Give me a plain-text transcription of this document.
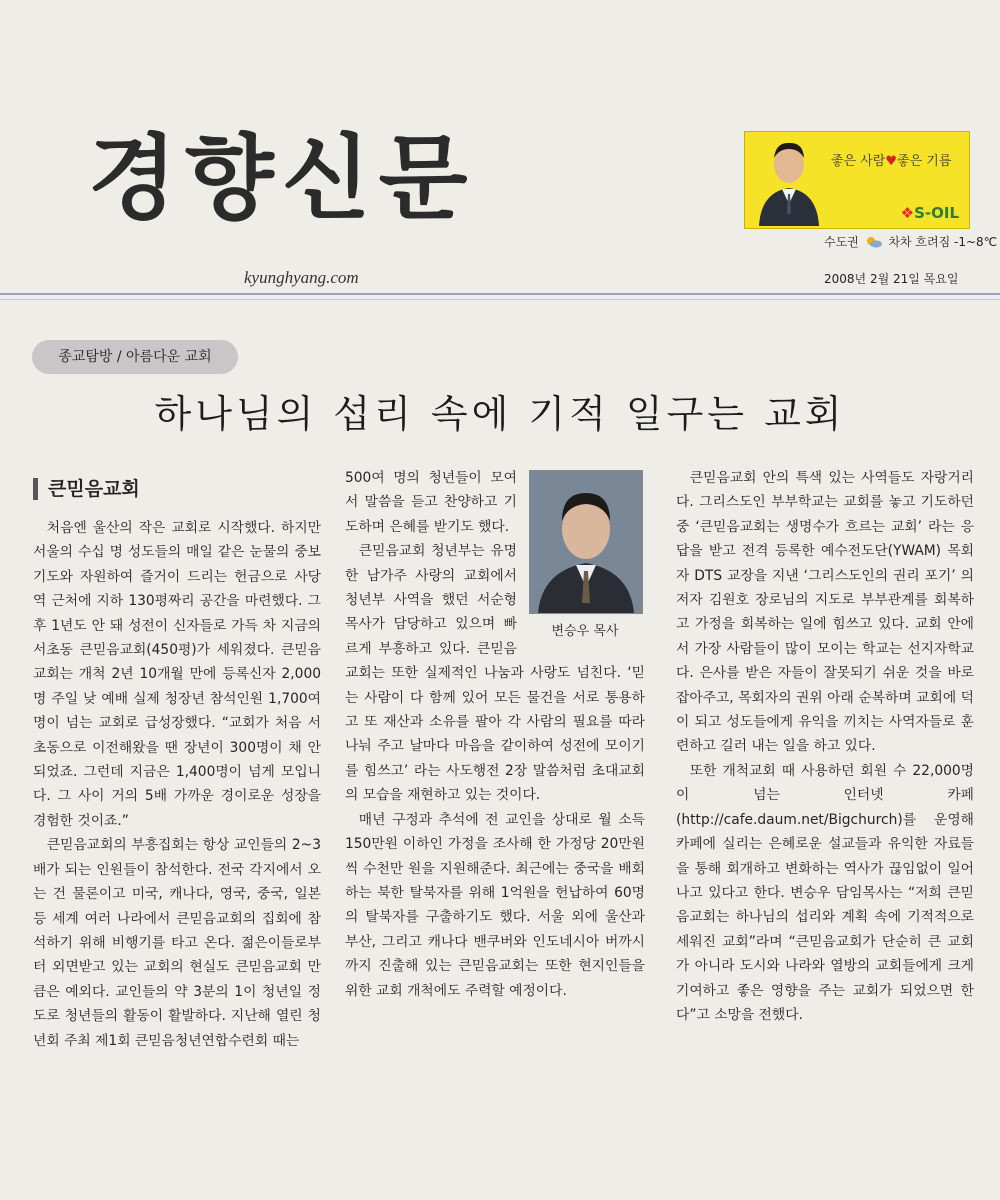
경향신문
kyunghyang.com
좋은 사람♥좋은 기름
❖S-OIL
수도권 차차 흐려짐 -1~8℃
2008년 2월 21일 목요일
종교탐방 / 아름다운 교회
하나님의 섭리 속에 기적 일구는 교회
큰믿음교회

처음엔 울산의 작은 교회로 시작했다. 하지만 서울의 수십 명 성도들의 매일 같은 눈물의 중보기도와 자원하여 즐거이 드리는 헌금으로 사당역 근처에 지하 130평짜리 공간을 마련했다. 그 후 1년도 안 돼 성전이 신자들로 가득 차 지금의 서초동 큰믿음교회(450평)가 세워졌다. 큰믿음교회는 개척 2년 10개월 만에 등록신자 2,000명 주일 낮 예배 실제 청장년 참석인원 1,700여명이 넘는 교회로 급성장했다. “교회가 처음 서초동으로 이전해왔을 땐 장년이 300명이 채 안 되었죠. 그런데 지금은 1,400명이 넘게 모입니다. 그 사이 거의 5배 가까운 경이로운 성장을 경험한 것이죠.”

큰믿음교회의 부흥집회는 항상 교인들의 2~3배가 되는 인원들이 참석한다. 전국 각지에서 오는 건 물론이고 미국, 캐나다, 영국, 중국, 일본 등 세계 여러 나라에서 큰믿음교회의 집회에 참석하기 위해 비행기를 타고 온다. 젊은이들로부터 외면받고 있는 교회의 현실도 큰믿음교회 만큼은 예외다. 교인들의 약 3분의 1이 청년일 정도로 청년들의 활동이 활발하다. 지난해 열린 청년회 주최 제1회 큰믿음청년연합수련회 때는

변승우 목사

500여 명의 청년들이 모여서 말씀을 듣고 찬양하고 기도하며 은혜를 받기도 했다.

큰믿음교회 청년부는 유명한 남가주 사랑의 교회에서 청년부 사역을 했던 서순형 목사가 담당하고 있으며 빠르게 부흥하고 있다. 큰믿음교회는 또한 실제적인 나눔과 사랑도 넘친다. ‘믿는 사람이 다 함께 있어 모든 물건을 서로 통용하고 또 재산과 소유를 팔아 각 사람의 필요를 따라 나눠 주고 날마다 마음을 같이하여 성전에 모이기를 힘쓰고’ 라는 사도행전 2장 말씀처럼 초대교회의 모습을 재현하고 있는 것이다.

매년 구정과 추석에 전 교인을 상대로 월 소득 150만원 이하인 가정을 조사해 한 가정당 20만원씩 수천만 원을 지원해준다. 최근에는 중국을 배회하는 북한 탈북자를 위해 1억원을 헌납하여 60명의 탈북자를 구출하기도 했다. 서울 외에 울산과 부산, 그리고 캐나다 밴쿠버와 인도네시아 버까시까지 진출해 있는 큰믿음교회는 또한 현지인들을 위한 교회 개척에도 주력할 예정이다.

큰믿음교회 안의 특색 있는 사역들도 자랑거리다. 그리스도인 부부학교는 교회를 놓고 기도하던 중 ‘큰믿음교회는 생명수가 흐르는 교회’ 라는 응답을 받고 전격 등록한 예수전도단(YWAM) 목회자 DTS 교장을 지낸 ‘그리스도인의 권리 포기’ 의 저자 김원호 장로님의 지도로 부부관계를 회복하고 가정을 회복하는 일에 힘쓰고 있다. 교회 안에서 가장 사람들이 많이 모이는 학교는 선지자학교다. 은사를 받은 자들이 잘못되기 쉬운 것을 바로 잡아주고, 목회자의 권위 아래 순복하며 교회에 덕이 되고 성도들에게 유익을 끼치는 사역자들로 훈련하고 길러 내는 일을 하고 있다.

또한 개척교회 때 사용하던 회원 수 22,000명이 넘는 인터넷 카페(http://cafe.daum.net/Bigchurch)를 운영해 카페에 실리는 은혜로운 설교들과 유익한 자료들을 통해 회개하고 변화하는 역사가 끊임없이 일어나고 있다고 한다. 변승우 담임목사는 “저희 큰믿음교회는 하나님의 섭리와 계획 속에 기적적으로 세워진 교회”라며 “큰믿음교회가 단순히 큰 교회가 아니라 도시와 나라와 열방의 교회들에게 크게 기여하고 좋은 영향을 주는 교회가 되었으면 한다”고 소망을 전했다.
